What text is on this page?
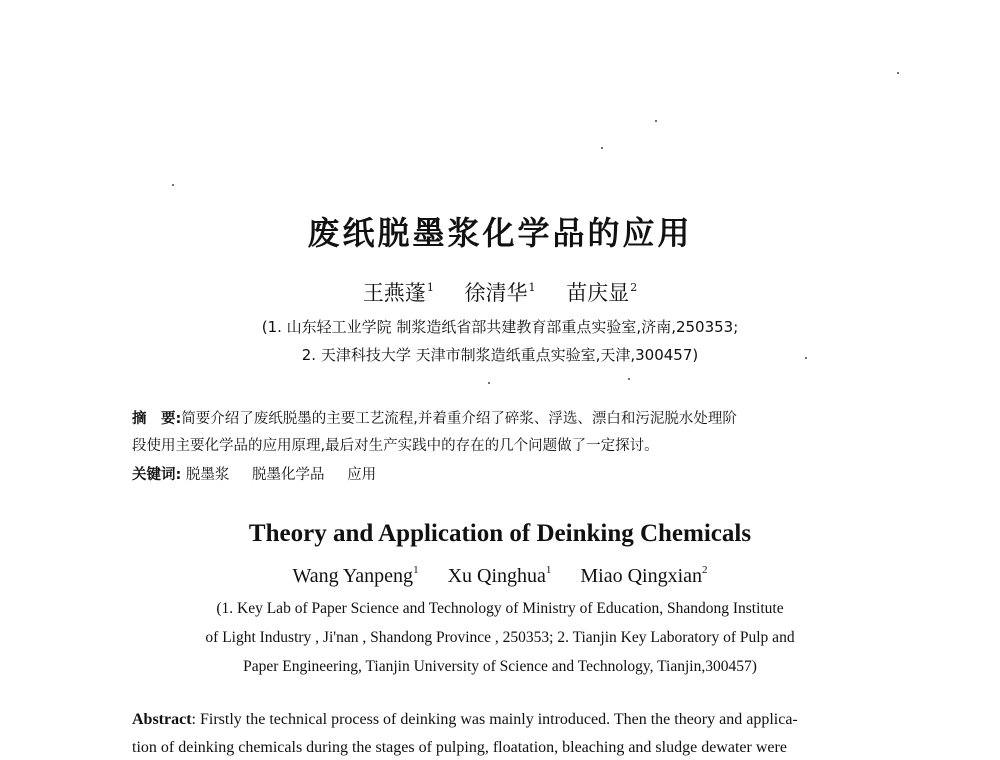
废纸脱墨浆化学品的应用
王燕蓬$^1$ 徐清华$^1$ 苗庆显$^2$
(1. 山东轻工业学院 制浆造纸省部共建教育部重点实验室,济南,250353;
2. 天津科技大学 天津市制浆造纸重点实验室,天津,300457)
摘　要:简要介绍了废纸脱墨的主要工艺流程,并着重介绍了碎浆、浮选、漂白和污泥脱水处理阶
段使用主要化学品的应用原理,最后对生产实践中的存在的几个问题做了一定探讨。
关键词: 脱墨浆 脱墨化学品 应用
Theory and Application of Deinking Chemicals
Wang Yanpeng$^1$ Xu Qinghua$^1$ Miao Qingxian$^2$
(1. Key Lab of Paper Science and Technology of Ministry of Education, Shandong Institute
of Light Industry , Ji'nan , Shandong Province , 250353; 2. Tianjin Key Laboratory of Pulp and
Paper Engineering, Tianjin University of Science and Technology, Tianjin,300457)
Abstract: Firstly the technical process of deinking was mainly introduced. Then the theory and applica-
tion of deinking chemicals during the stages of pulping, floatation, bleaching and sludge dewater were
